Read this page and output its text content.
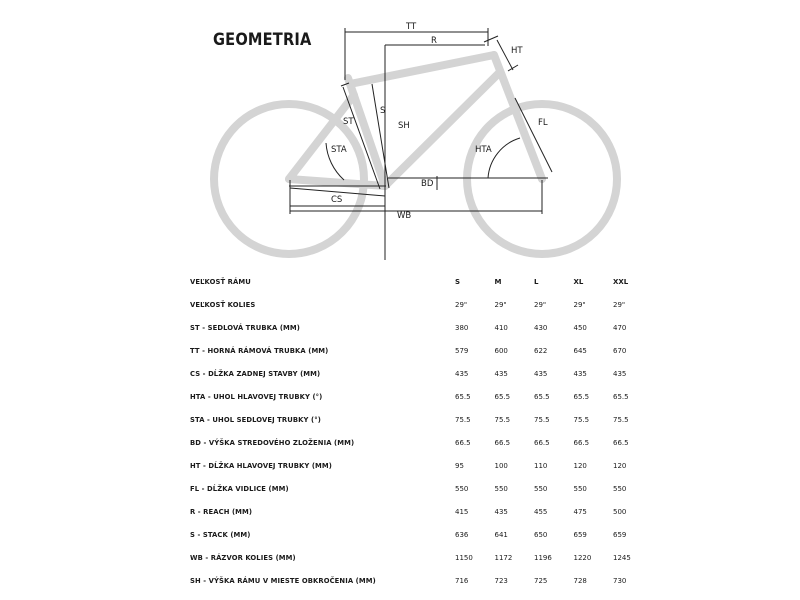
GEOMETRIA
TT
R
HT
S
ST	SH	FL
STA	HTA
BD
CS
WB
VEĽKOSŤ RÁMU	S	M	L	XL	XXL
VEĽKOSŤ KOLIES	29"	29"	29"	29"	29"
ST - SEDLOVÁ TRUBKA (MM)	380	410	430	450	470
TT - HORNÁ RÁMOVÁ TRUBKA (MM)	579	600	622	645	670
CS - DĹŽKA ZADNEJ STAVBY (MM)	435	435	435	435	435
HTA - UHOL HLAVOVEJ TRUBKY (°)	65.5	65.5	65.5	65.5	65.5
STA - UHOL SEDLOVEJ TRUBKY (°)	75.5	75.5	75.5	75.5	75.5
BD - VÝŠKA STREDOVÉHO ZLOŽENIA (MM)	66.5	66.5	66.5	66.5	66.5
HT - DĹŽKA HLAVOVEJ TRUBKY (MM)	95	100	110	120	120
FL - DĹŽKA VIDLICE (MM)	550	550	550	550	550
R - REACH (MM)	415	435	455	475	500
S - STACK (MM)	636	641	650	659	659
WB - RÁZVOR KOLIES (MM)	1150	1172	1196	1220	1245
SH - VÝŠKA RÁMU V MIESTE OBKROČENIA (MM)	716	723	725	728	730
